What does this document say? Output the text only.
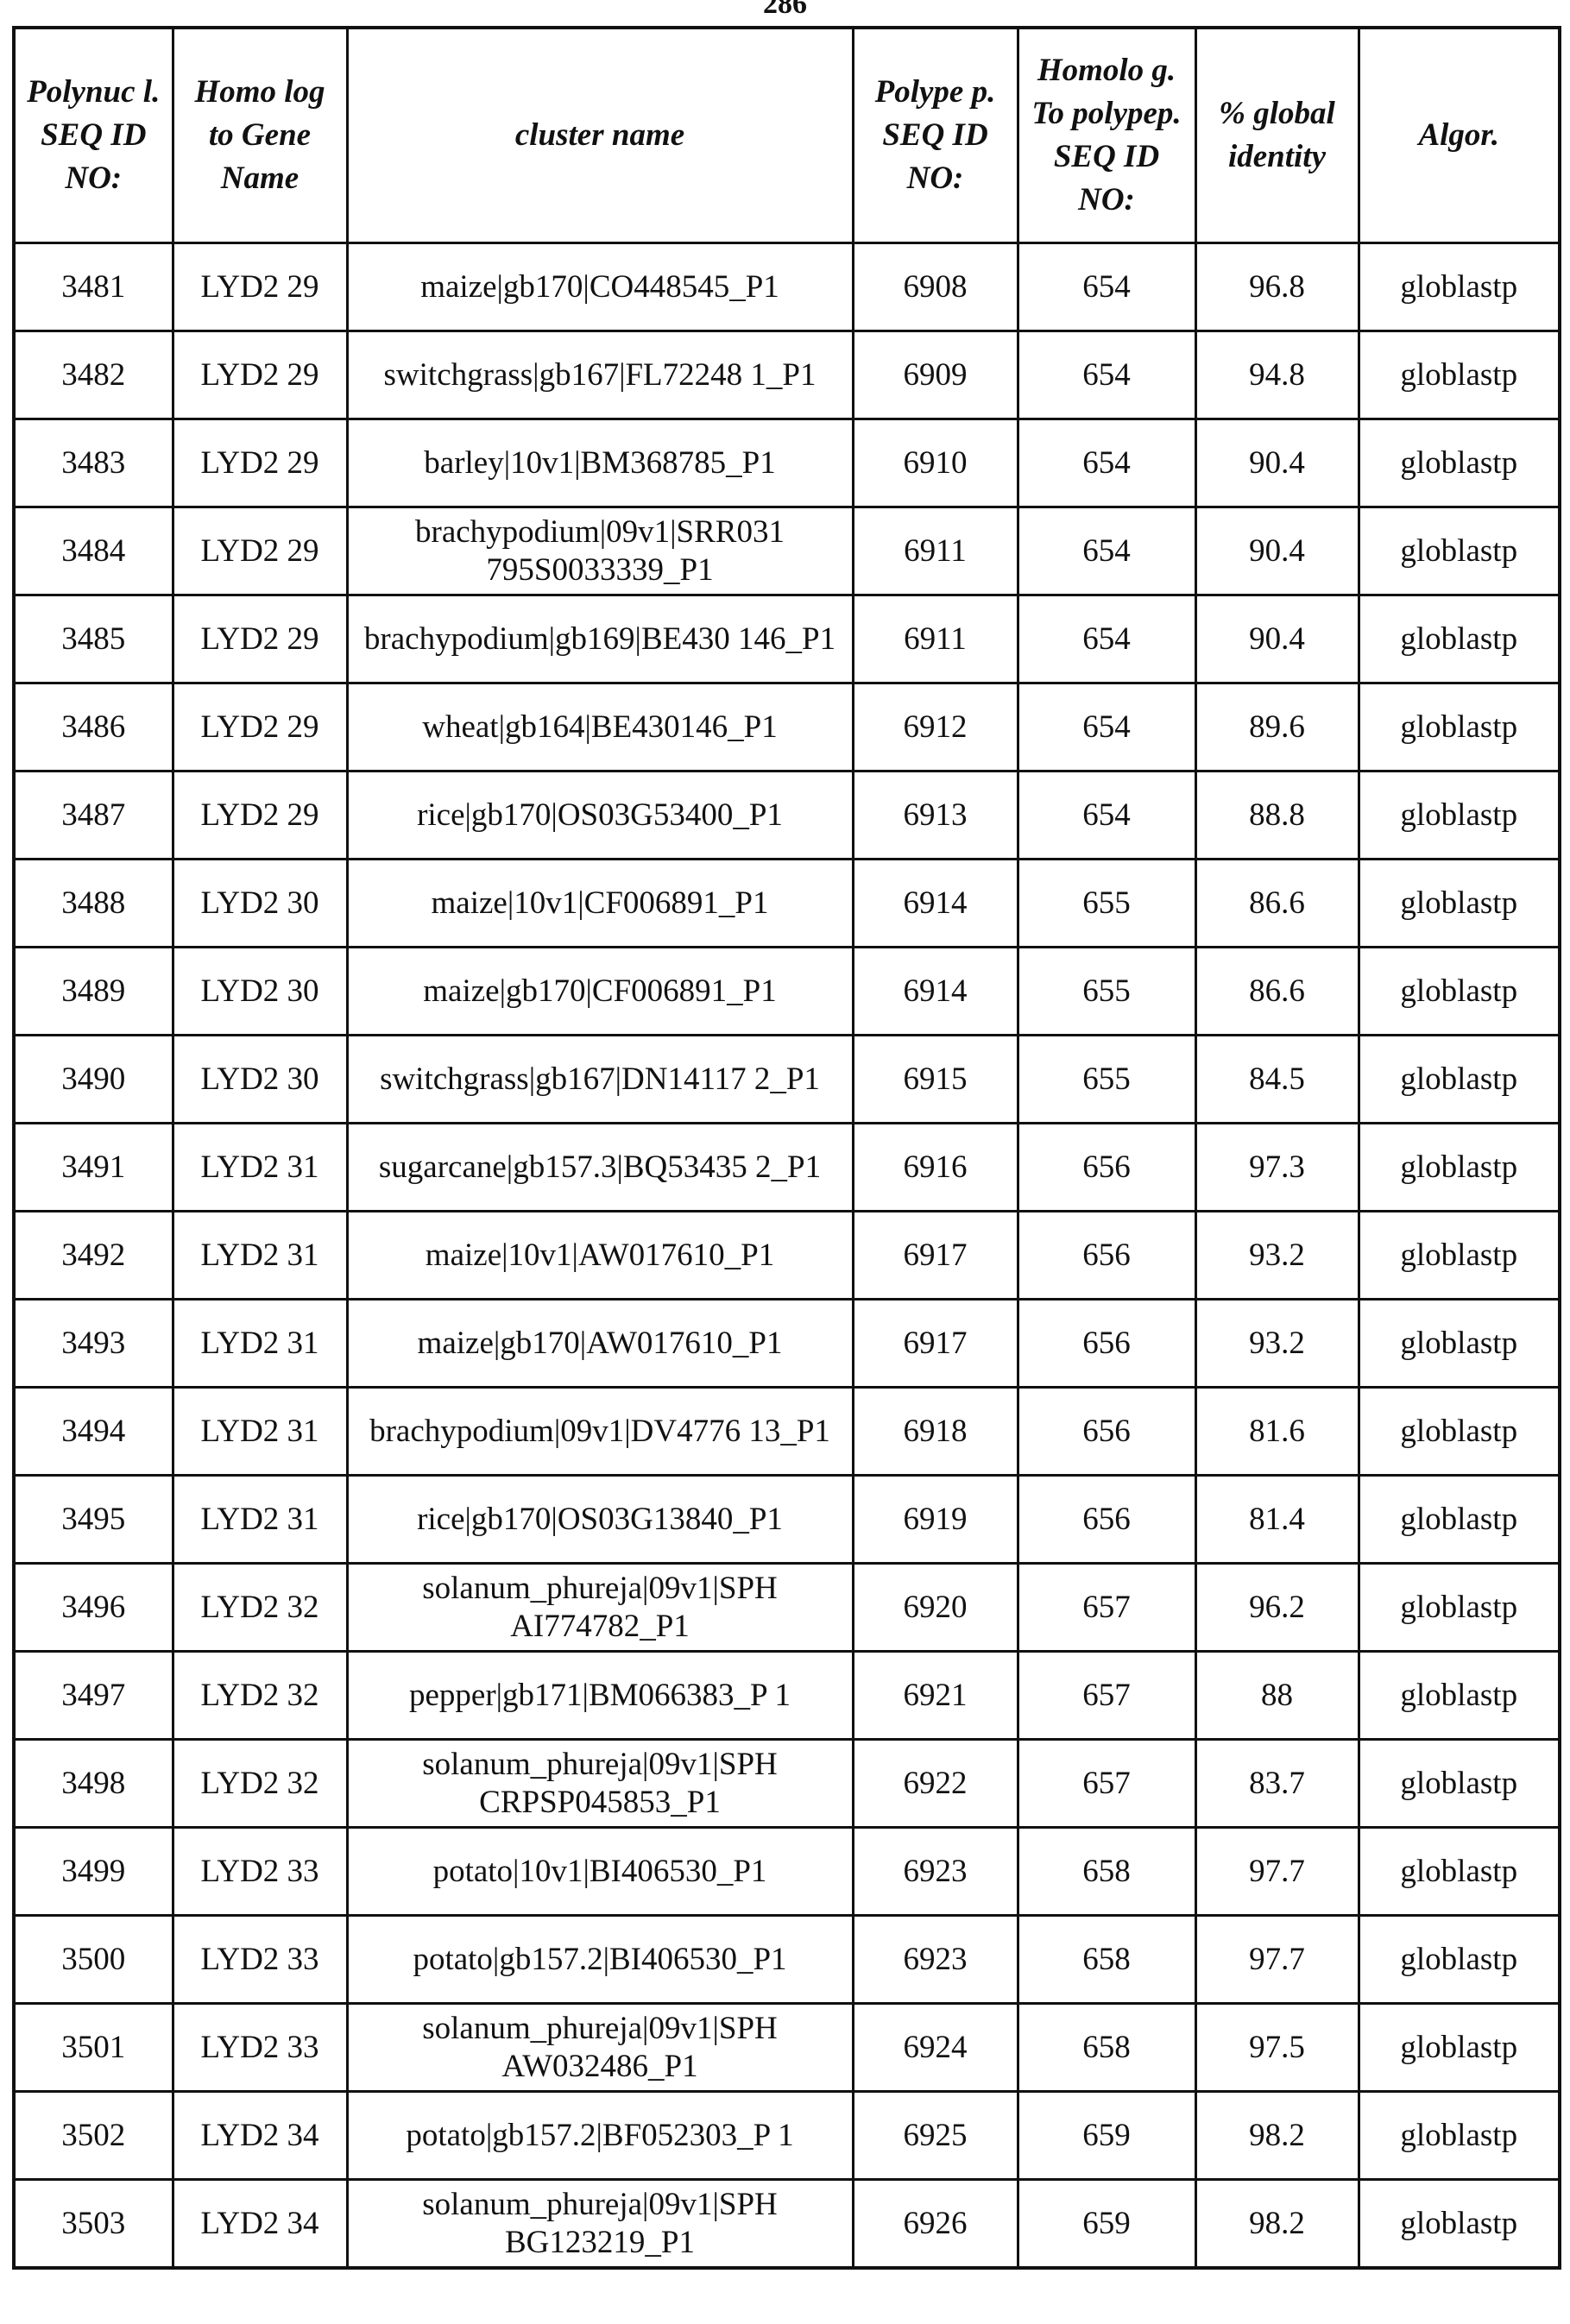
286
Polynuc l. SEQ ID NO:	Homo log to Gene Name	cluster name	Polype p. SEQ ID NO:	Homolo g. To polypep. SEQ ID NO:	% global identity	Algor.
3481	LYD2 29	maize|gb170|CO448545_P1	6908	654	96.8	globlastp
3482	LYD2 29	switchgrass|gb167|FL72248 1_P1	6909	654	94.8	globlastp
3483	LYD2 29	barley|10v1|BM368785_P1	6910	654	90.4	globlastp
3484	LYD2 29	brachypodium|09v1|SRR031 795S0033339_P1	6911	654	90.4	globlastp
3485	LYD2 29	brachypodium|gb169|BE430 146_P1	6911	654	90.4	globlastp
3486	LYD2 29	wheat|gb164|BE430146_P1	6912	654	89.6	globlastp
3487	LYD2 29	rice|gb170|OS03G53400_P1	6913	654	88.8	globlastp
3488	LYD2 30	maize|10v1|CF006891_P1	6914	655	86.6	globlastp
3489	LYD2 30	maize|gb170|CF006891_P1	6914	655	86.6	globlastp
3490	LYD2 30	switchgrass|gb167|DN14117 2_P1	6915	655	84.5	globlastp
3491	LYD2 31	sugarcane|gb157.3|BQ53435 2_P1	6916	656	97.3	globlastp
3492	LYD2 31	maize|10v1|AW017610_P1	6917	656	93.2	globlastp
3493	LYD2 31	maize|gb170|AW017610_P1	6917	656	93.2	globlastp
3494	LYD2 31	brachypodium|09v1|DV4776 13_P1	6918	656	81.6	globlastp
3495	LYD2 31	rice|gb170|OS03G13840_P1	6919	656	81.4	globlastp
3496	LYD2 32	solanum_phureja|09v1|SPH AI774782_P1	6920	657	96.2	globlastp
3497	LYD2 32	pepper|gb171|BM066383_P 1	6921	657	88	globlastp
3498	LYD2 32	solanum_phureja|09v1|SPH CRPSP045853_P1	6922	657	83.7	globlastp
3499	LYD2 33	potato|10v1|BI406530_P1	6923	658	97.7	globlastp
3500	LYD2 33	potato|gb157.2|BI406530_P1	6923	658	97.7	globlastp
3501	LYD2 33	solanum_phureja|09v1|SPH AW032486_P1	6924	658	97.5	globlastp
3502	LYD2 34	potato|gb157.2|BF052303_P 1	6925	659	98.2	globlastp
3503	LYD2 34	solanum_phureja|09v1|SPH BG123219_P1	6926	659	98.2	globlastp
